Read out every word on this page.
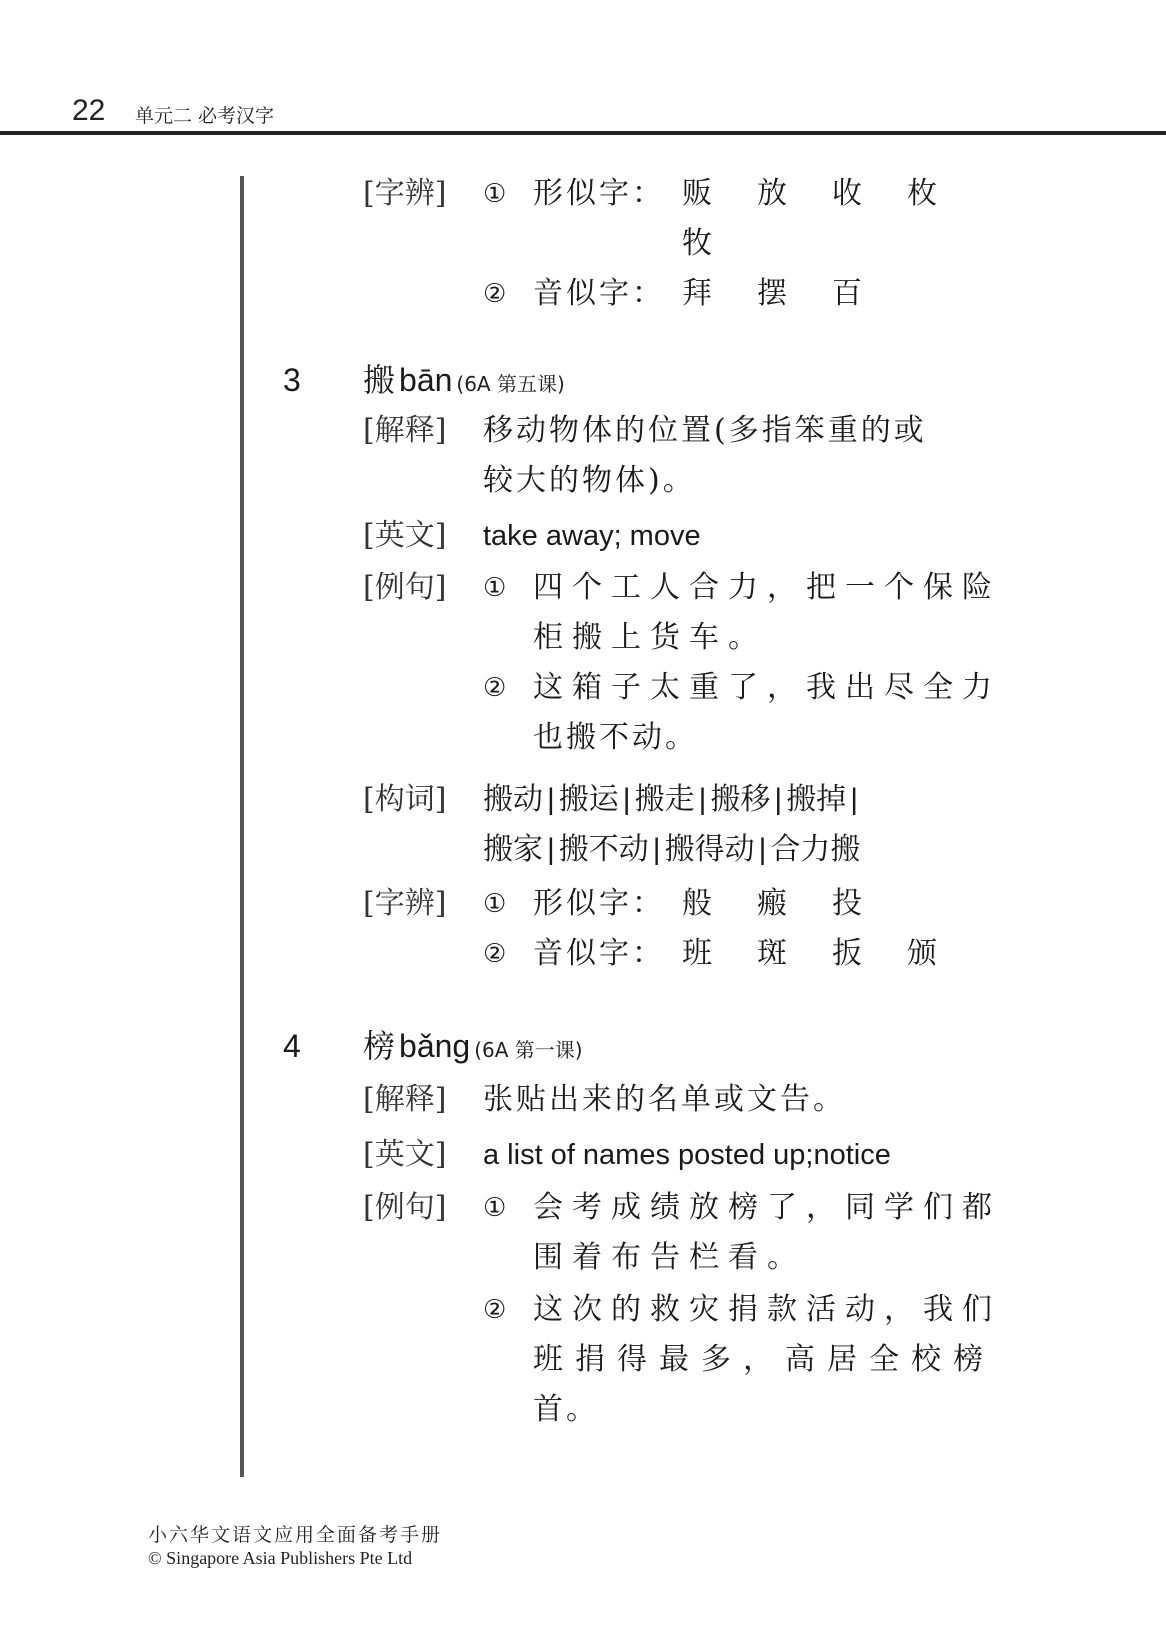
22 单元二 必考汉字
[字辨] ① 形似字： 贩 放 收 枚
牧
② 音似字： 拜 摆 百
3 搬 bān (6A 第五课)
[解释] 移动物体的位置(多指笨重的或
较大的物体)。
[英文] take away; move
[例句] ① 四个工人合力，把一个保险
柜搬上货车。
② 这箱子太重了，我出尽全力
也搬不动。
[构词] 搬动 | 搬运 | 搬走 | 搬移 | 搬掉 |
搬家 | 搬不动 | 搬得动 | 合力搬
[字辨] ① 形似字： 般 瘢 投
② 音似字： 班 斑 扳 颁
4 榜 bǎng (6A 第一课)
[解释] 张贴出来的名单或文告。
[英文] a list of names posted up;notice
[例句] ① 会考成绩放榜了，同学们都
围着布告栏看。
② 这次的救灾捐款活动，我们
班捐得最多，高居全校榜
首。
小六华文语文应用全面备考手册
© Singapore Asia Publishers Pte Ltd
